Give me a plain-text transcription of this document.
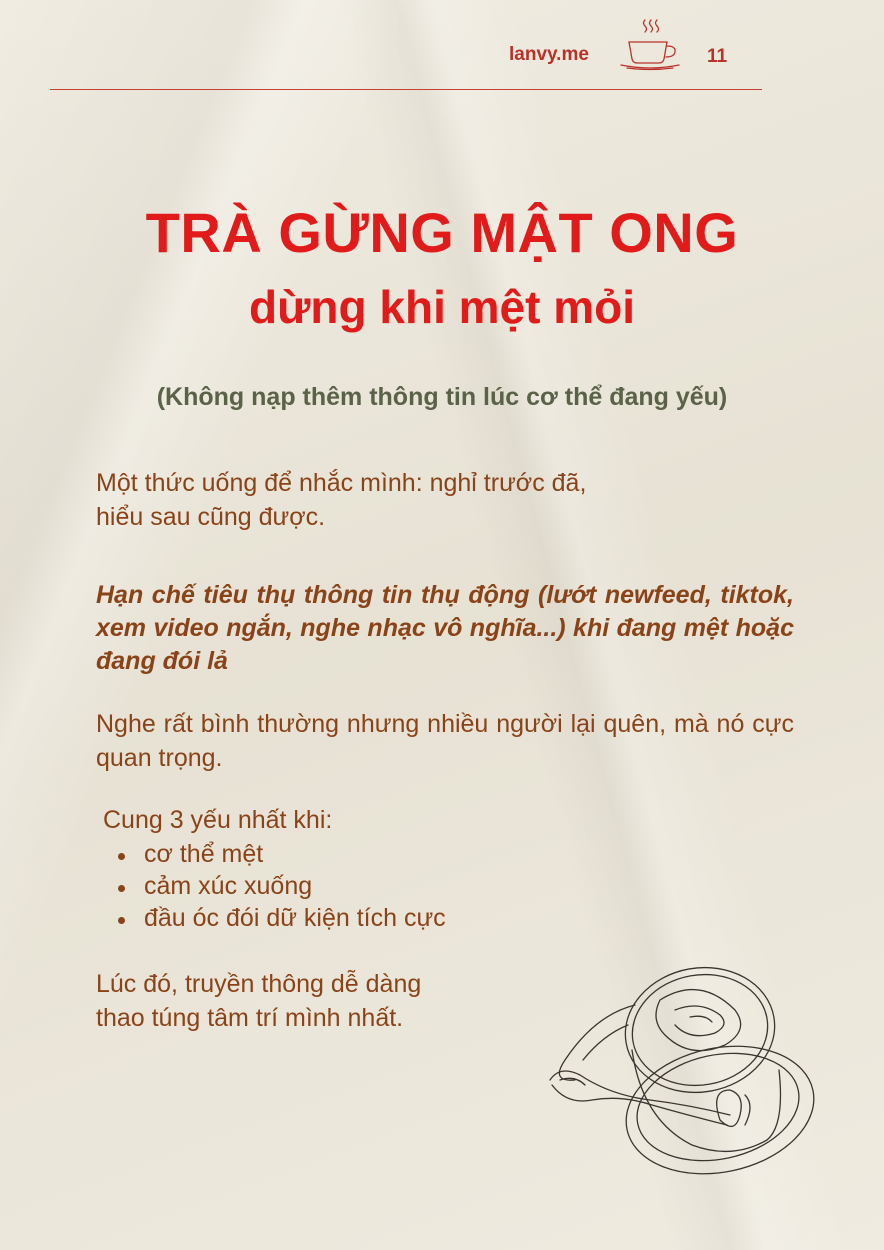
lanvy.me	11
TRÀ GỪNG MẬT ONG
dừng khi mệt mỏi
(Không nạp thêm thông tin lúc cơ thể đang yếu)

Một thức uống để nhắc mình: nghỉ trước đã,
hiểu sau cũng được.

Hạn chế tiêu thụ thông tin thụ động (lướt newfeed, tiktok, xem video ngắn, nghe nhạc vô nghĩa...) khi đang mệt hoặc đang đói lả

Nghe rất bình thường nhưng nhiều người lại quên, mà nó cực quan trọng.

Cung 3 yếu nhất khi:
cơ thể mệt
cảm xúc xuống
đầu óc đói dữ kiện tích cực

Lúc đó, truyền thông dễ dàng
thao túng tâm trí mình nhất.
